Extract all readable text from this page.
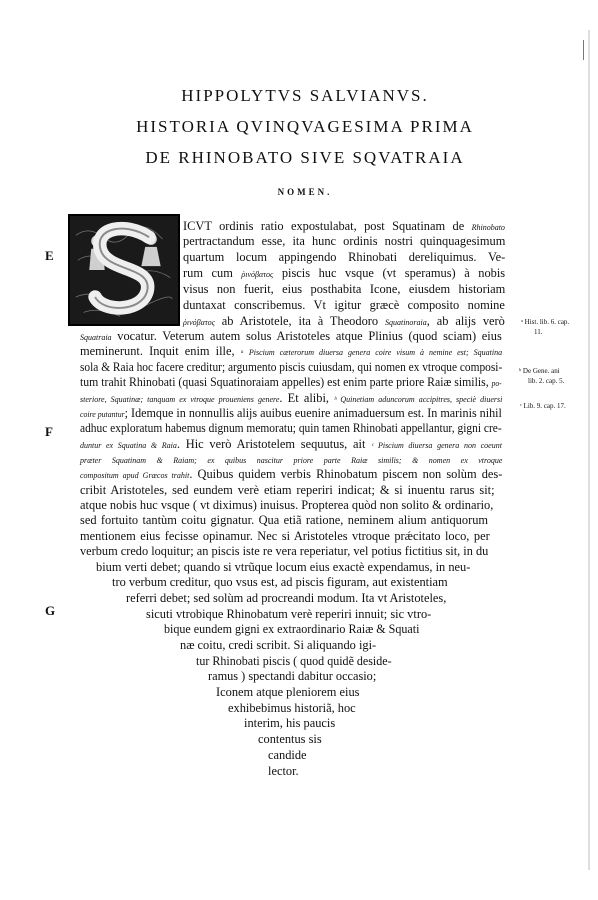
HIPPOLYTVS SALVIANVS.
HISTORIA QVINQVAGESIMA PRIMA
DE RHINOBATO SIVE SQVATRAIA
NOMEN.
E
F
G
ᵃ Hist. lib. 6. cap.
11.
ᵇ De Gene. ani
lib. 2. cap. 5.
ᶜ Lib. 9. cap. 17.
ICVT ordinis ratio expostulabat, post Squatinam de Rhinobato
pertractandum esse, ita hunc ordinis nostri quinquagesimum
quartum locum appingendo Rhinobati dereliquimus. Ve-
rum cum ῥινόβατος piscis huc vsque (vt speramus) à nobis
visus non fuerit, eius posthabita Icone, eiusdem historiam
duntaxat conscribemus. Vt igitur græcè composito nomine
ῥινόβατος ab Aristotele, ita à Theodoro Squatinoraia, ab alijs verò
Squatraia vocatur. Veterum autem solus Aristoteles atque Plinius (quod sciam) eius
meminerunt. Inquit enim ille, ᵃ Piscium cæterorum diuersa genera coire visum à nemine est; Squatina
sola & Raia hoc facere creditur; argumento piscis cuiusdam, qui nomen ex vtroque composi-
tum trahit Rhinobati (quasi Squatinoraiam appelles) est enim parte priore Raiæ similis, po-
steriore, Squatinæ; tanquam ex vtroque proueniens genere. Et alibi, ᵇ Quinetiam aduncorum accipitres, speciè diuersi
coire putantur; Idemque in nonnullis alijs auibus euenire animaduersum est. In marinis nihil
adhuc exploratum habemus dignum memoratu; quin tamen Rhinobati appellantur, gigni cre-
duntur ex Squatina & Raia. Hic verò Aristotelem sequutus, ait ᶜ Piscium diuersa genera non coeunt
præter Squatinam & Raiam; ex quibus nascitur priore parte Raiæ similis; & nomen ex vtroque
compositum apud Græcos trahit. Quibus quidem verbis Rhinobatum piscem non solùm des-
cribit Aristoteles, sed eundem verè etiam reperiri indicat; & si inuentu rarus sit;
atque nobis huc vsque ( vt diximus) inuisus. Propterea quòd non solito & ordinario,
sed fortuito tantùm coitu gignatur. Qua etiã ratione, neminem alium antiquorum
mentionem eius fecisse opinamur. Nec si Aristoteles vtroque prǽcitato loco, per
verbum credo loquitur; an piscis iste re vera reperiatur, vel potius fictitius sit, in du
bium verti debet; quando si vtrũque locum eius exactè expendamus, in neu-
tro verbum creditur, quo vsus est, ad piscis figuram, aut existentiam
referri debet; sed solùm ad procreandi modum. Ita vt Aristoteles,
sicuti vtrobique Rhinobatum verè reperiri innuit; sic vtro-
bique eundem gigni ex extraordinario Raiæ & Squati
næ coitu, credi scribit. Si aliquando igi-
tur Rhinobati piscis ( quod quidẽ deside-
ramus ) spectandi dabitur occasio;
Iconem atque pleniorem eius
exhibebimus historiã, hoc
interim, his paucis
contentus sis
candide
lector.
